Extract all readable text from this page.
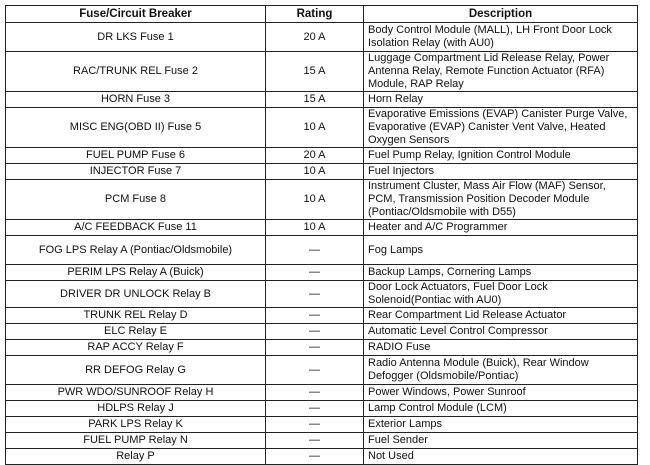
Fuse/Circuit Breaker	Rating	Description
DR LKS Fuse 1	20 A	Body Control Module (MALL), LH Front Door Lock Isolation Relay (with AU0)
RAC/TRUNK REL Fuse 2	15 A	Luggage Compartment Lid Release Relay, Power Antenna Relay, Remote Function Actuator (RFA) Module, RAP Relay
HORN Fuse 3	15 A	Horn Relay
MISC ENG(OBD II) Fuse 5	10 A	Evaporative Emissions (EVAP) Canister Purge Valve, Evaporative (EVAP) Canister Vent Valve, Heated Oxygen Sensors
FUEL PUMP Fuse 6	20 A	Fuel Pump Relay, Ignition Control Module
INJECTOR Fuse 7	10 A	Fuel Injectors
PCM Fuse 8	10 A	Instrument Cluster, Mass Air Flow (MAF) Sensor, PCM, Transmission Position Decoder Module (Pontiac/Oldsmobile with D55)
A/C FEEDBACK Fuse 11	10 A	Heater and A/C Programmer
FOG LPS Relay A (Pontiac/Oldsmobile)	—	Fog Lamps
PERIM LPS Relay A (Buick)	—	Backup Lamps, Cornering Lamps
DRIVER DR UNLOCK Relay B	—	Door Lock Actuators, Fuel Door Lock Solenoid(Pontiac with AU0)
TRUNK REL Relay D	—	Rear Compartment Lid Release Actuator
ELC Relay E	—	Automatic Level Control Compressor
RAP ACCY Relay F	—	RADIO Fuse
RR DEFOG Relay G	—	Radio Antenna Module (Buick), Rear Window Defogger (Oldsmobile/Pontiac)
PWR WDO/SUNROOF Relay H	—	Power Windows, Power Sunroof
HDLPS Relay J	—	Lamp Control Module (LCM)
PARK LPS Relay K	—	Exterior Lamps
FUEL PUMP Relay N	—	Fuel Sender
Relay P	—	Not Used
